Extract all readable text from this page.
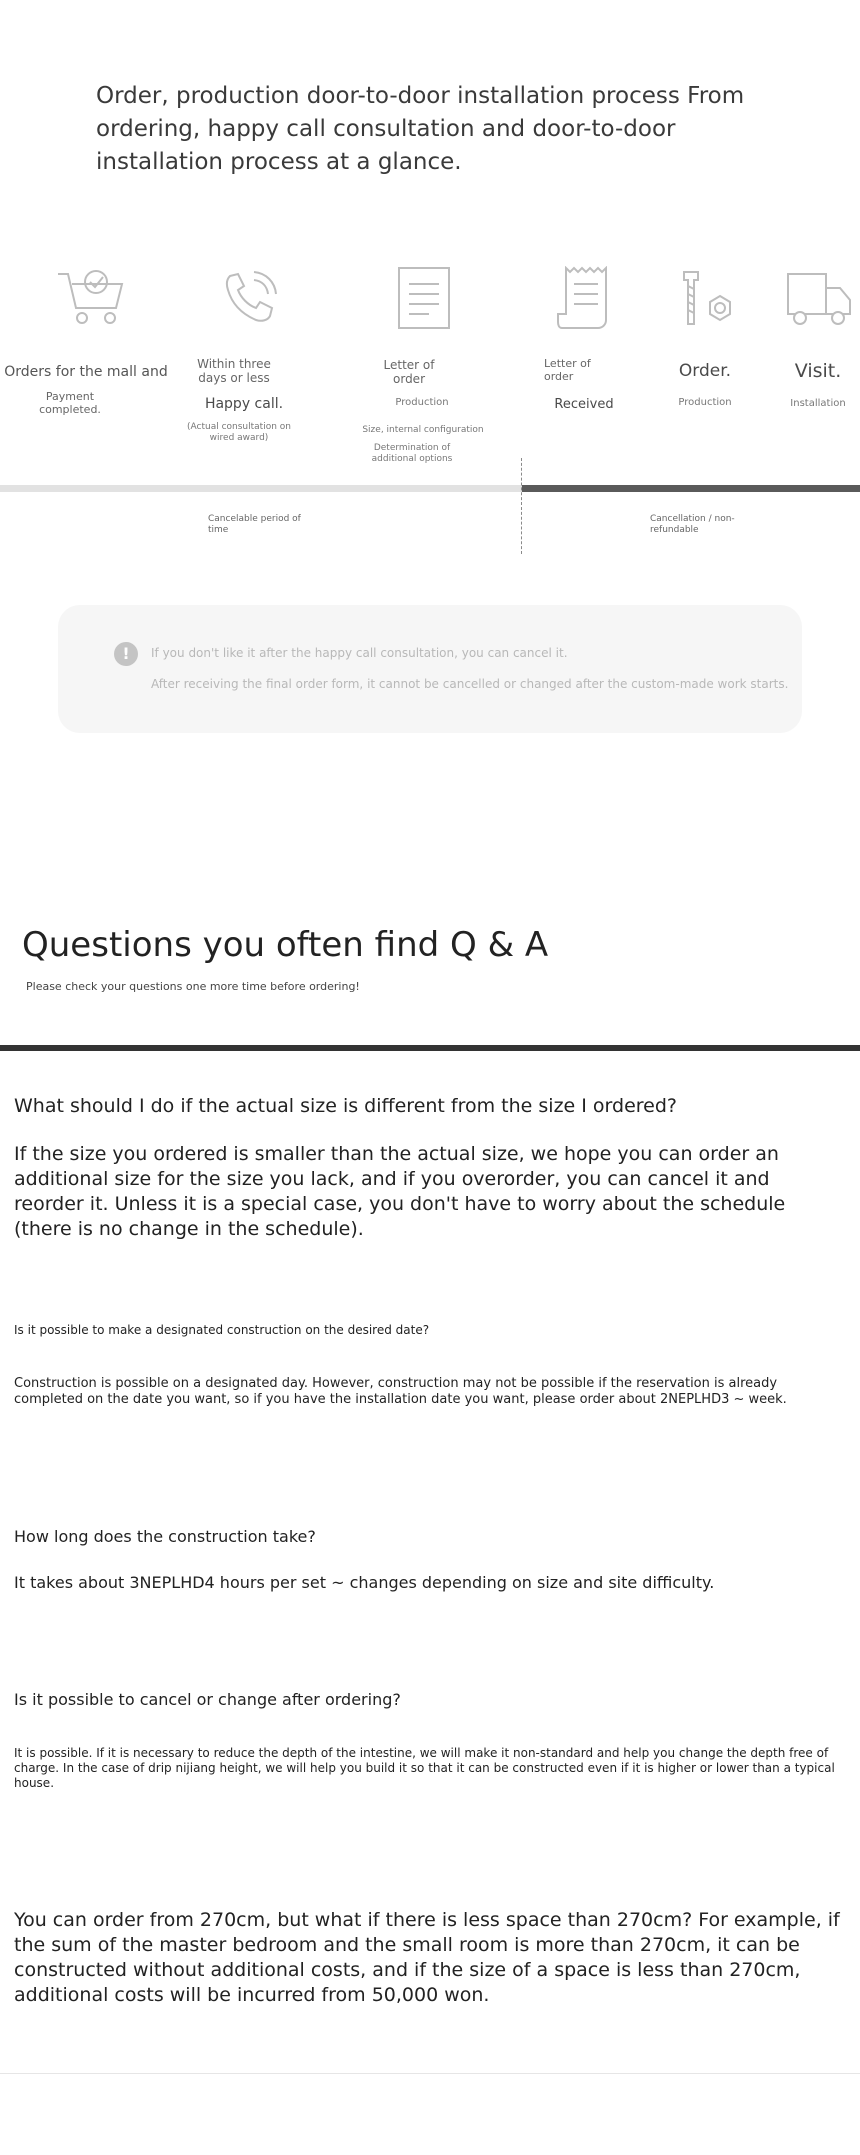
Order, production door-to-door installation process From ordering, happy call consultation and door-to-door installation process at a glance.
Orders for the mall and
Payment completed.
Within three days or less
Happy call.
(Actual consultation on wired award)
Letter of order
Production
Size, internal configuration
Determination of additional options
Letter of order
Received
Order.
Production
Visit.
Installation
Cancelable period of time
Cancellation / non-refundable
!	If you don't like it after the happy call consultation, you can cancel it.
After receiving the final order form, it cannot be cancelled or changed after the custom-made work starts.
Questions you often find Q & A
Please check your questions one more time before ordering!
What should I do if the actual size is different from the size I ordered?
If the size you ordered is smaller than the actual size, we hope you can order an additional size for the size you lack, and if you overorder, you can cancel it and reorder it. Unless it is a special case, you don't have to worry about the schedule (there is no change in the schedule).
Is it possible to make a designated construction on the desired date?
Construction is possible on a designated day. However, construction may not be possible if the reservation is already completed on the date you want, so if you have the installation date you want, please order about 2NEPLHD3 ~ week.
How long does the construction take?
It takes about 3NEPLHD4 hours per set ~ changes depending on size and site difficulty.
Is it possible to cancel or change after ordering?
It is possible. If it is necessary to reduce the depth of the intestine, we will make it non-standard and help you change the depth free of charge. In the case of drip nijiang height, we will help you build it so that it can be constructed even if it is higher or lower than a typical house.
You can order from 270cm, but what if there is less space than 270cm? For example, if the sum of the master bedroom and the small room is more than 270cm, it can be constructed without additional costs, and if the size of a space is less than 270cm, additional costs will be incurred from 50,000 won.
